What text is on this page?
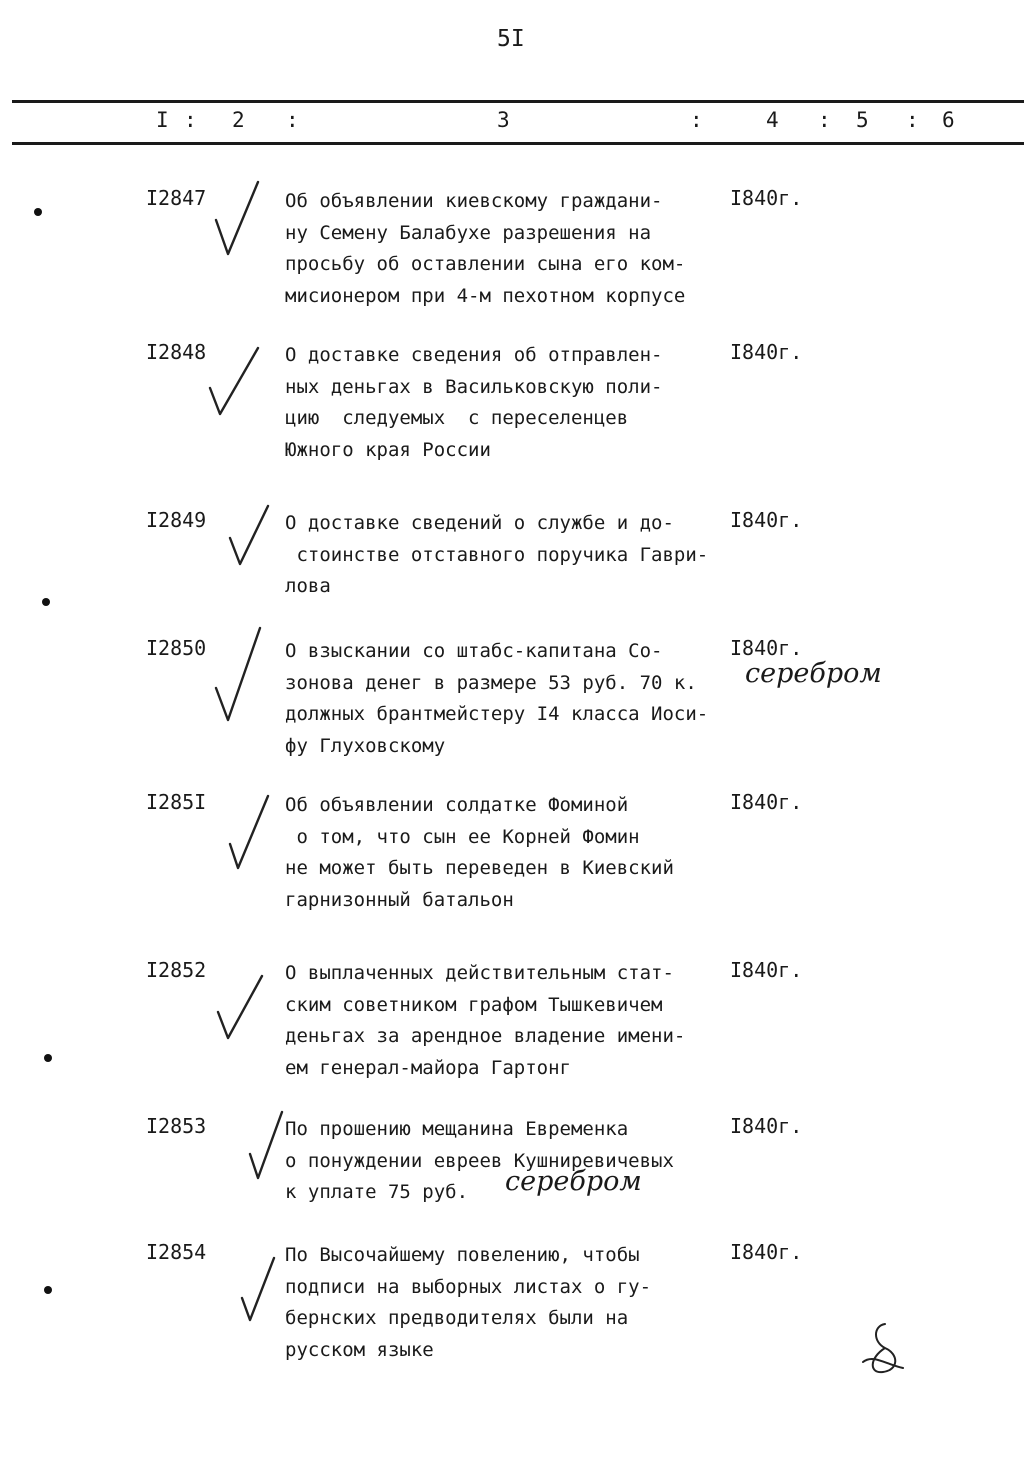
5I
I : 2 :	3	:	4 : 5 : 6
I2847	Об объявлении киевскому граждани-
ну Семену Балабухе разрешения на
просьбу об оставлении сына его ком-
мисионером при 4-м пехотном корпусе
I840г.
I2848	О доставке сведения об отправлен-
ных деньгах в Васильковскую поли-
цию  следуемых  с переселенцев
Южного края России
I840г.
I2849	О доставке сведений о службе и до-
стоинстве отставного поручика Гаври-
лова
I840г.
I2850	О взыскании со штабс-капитана Со-
зонова денег в размере 53 руб. 70 к.
должных брантмейстеру I4 класса Иоси-
фу Глуховскому
I840г.
серебром
I285I	Об объявлении солдатке Фоминой
о том, что сын ее Корней Фомин
не может быть переведен в Киевский
гарнизонный батальон
I840г.
I2852	О выплаченных действительным стат-
ским советником графом Тышкевичем
деньгах за арендное владение имени-
ем генерал-майора Гартонг
I840г.
I2853	По прошению мещанина Евременка
о понуждении евреев Кушниревичевых
к уплате 75 руб.
I840г.
серебром
I2854	По Высочайшему повелению, чтобы
подписи на выборных листах о гу-
бернских предводителях были на
русском языке
I840г.
